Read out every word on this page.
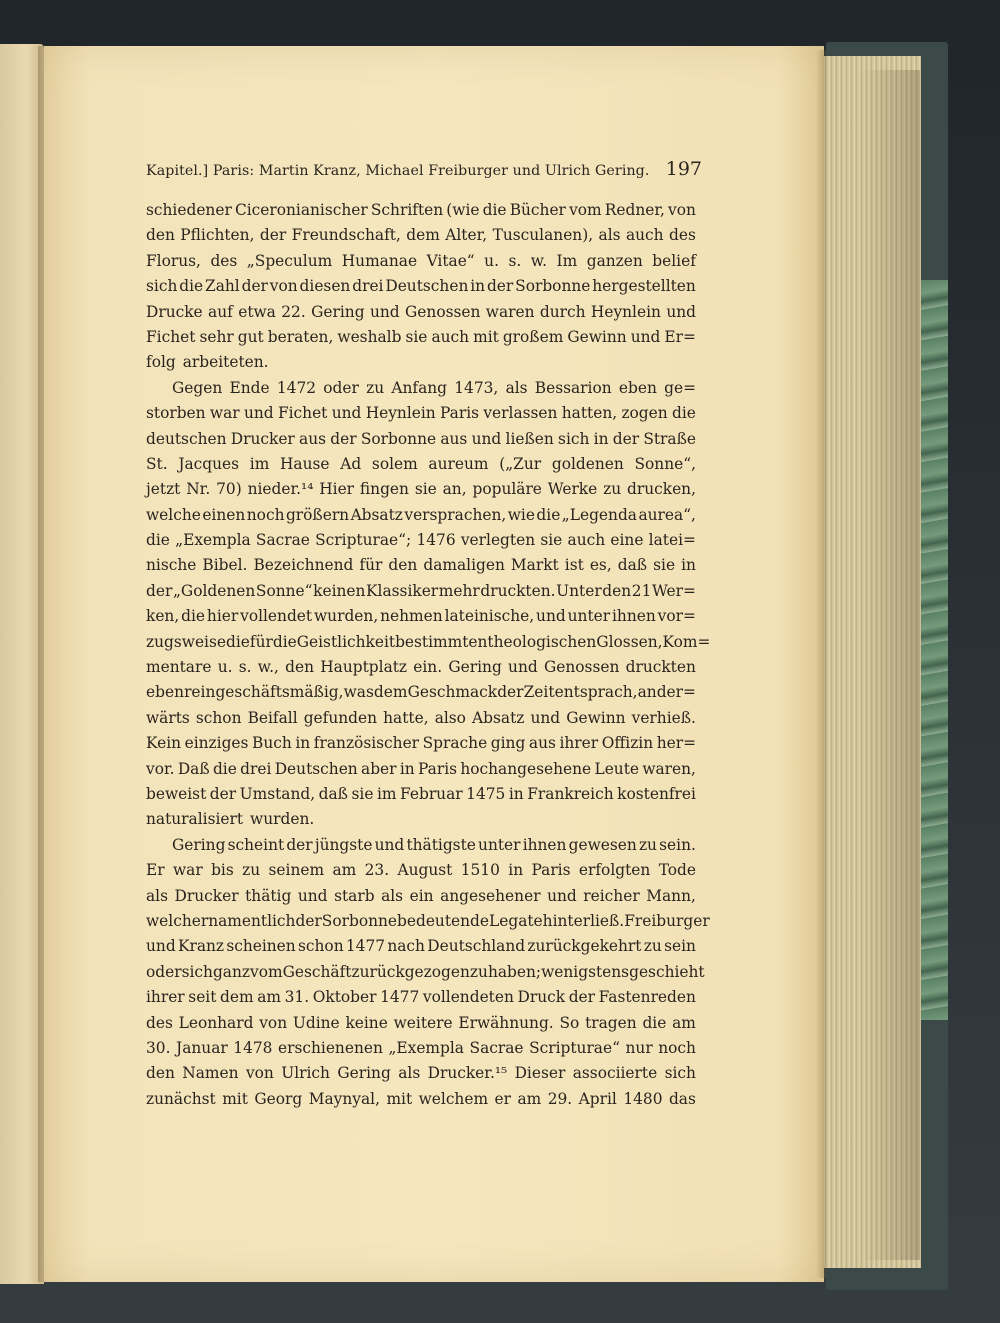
Kapitel.] Paris: Martin Kranz, Michael Freiburger und Ulrich Gering. 197
schiedener Ciceronianischer Schriften (wie die Bücher vom Redner, von
den Pflichten, der Freundschaft, dem Alter, Tusculanen), als auch des
Florus, des „Speculum Humanae Vitae“ u. s. w. Im ganzen belief
sich die Zahl der von diesen drei Deutschen in der Sorbonne hergestellten
Drucke auf etwa 22. Gering und Genossen waren durch Heynlein und
Fichet sehr gut beraten, weshalb sie auch mit großem Gewinn und Er=
folg arbeiteten.
Gegen Ende 1472 oder zu Anfang 1473, als Bessarion eben ge=
storben war und Fichet und Heynlein Paris verlassen hatten, zogen die
deutschen Drucker aus der Sorbonne aus und ließen sich in der Straße
St. Jacques im Hause Ad solem aureum („Zur goldenen Sonne“,
jetzt Nr. 70) nieder.¹⁴ Hier fingen sie an, populäre Werke zu drucken,
welche einen noch größern Absatz versprachen, wie die „Legenda aurea“,
die „Exempla Sacrae Scripturae“; 1476 verlegten sie auch eine latei=
nische Bibel. Bezeichnend für den damaligen Markt ist es, daß sie in
der „Goldenen Sonne“ keinen Klassiker mehr druckten. Unter den 21 Wer=
ken, die hier vollendet wurden, nehmen lateinische, und unter ihnen vor=
zugsweise die für die Geistlichkeit bestimmten theologischen Glossen, Kom=
mentare u. s. w., den Hauptplatz ein. Gering und Genossen druckten
eben rein geschäftsmäßig, was dem Geschmack der Zeit entsprach, ander=
wärts schon Beifall gefunden hatte, also Absatz und Gewinn verhieß.
Kein einziges Buch in französischer Sprache ging aus ihrer Offizin her=
vor. Daß die drei Deutschen aber in Paris hochangesehene Leute waren,
beweist der Umstand, daß sie im Februar 1475 in Frankreich kostenfrei
naturalisiert wurden.
Gering scheint der jüngste und thätigste unter ihnen gewesen zu sein.
Er war bis zu seinem am 23. August 1510 in Paris erfolgten Tode
als Drucker thätig und starb als ein angesehener und reicher Mann,
welcher namentlich der Sorbonne bedeutende Legate hinterließ. Freiburger
und Kranz scheinen schon 1477 nach Deutschland zurückgekehrt zu sein
oder sich ganz vom Geschäft zurückgezogen zu haben; wenigstens geschieht
ihrer seit dem am 31. Oktober 1477 vollendeten Druck der Fastenreden
des Leonhard von Udine keine weitere Erwähnung. So tragen die am
30. Januar 1478 erschienenen „Exempla Sacrae Scripturae“ nur noch
den Namen von Ulrich Gering als Drucker.¹⁵ Dieser associierte sich
zunächst mit Georg Maynyal, mit welchem er am 29. April 1480 das
